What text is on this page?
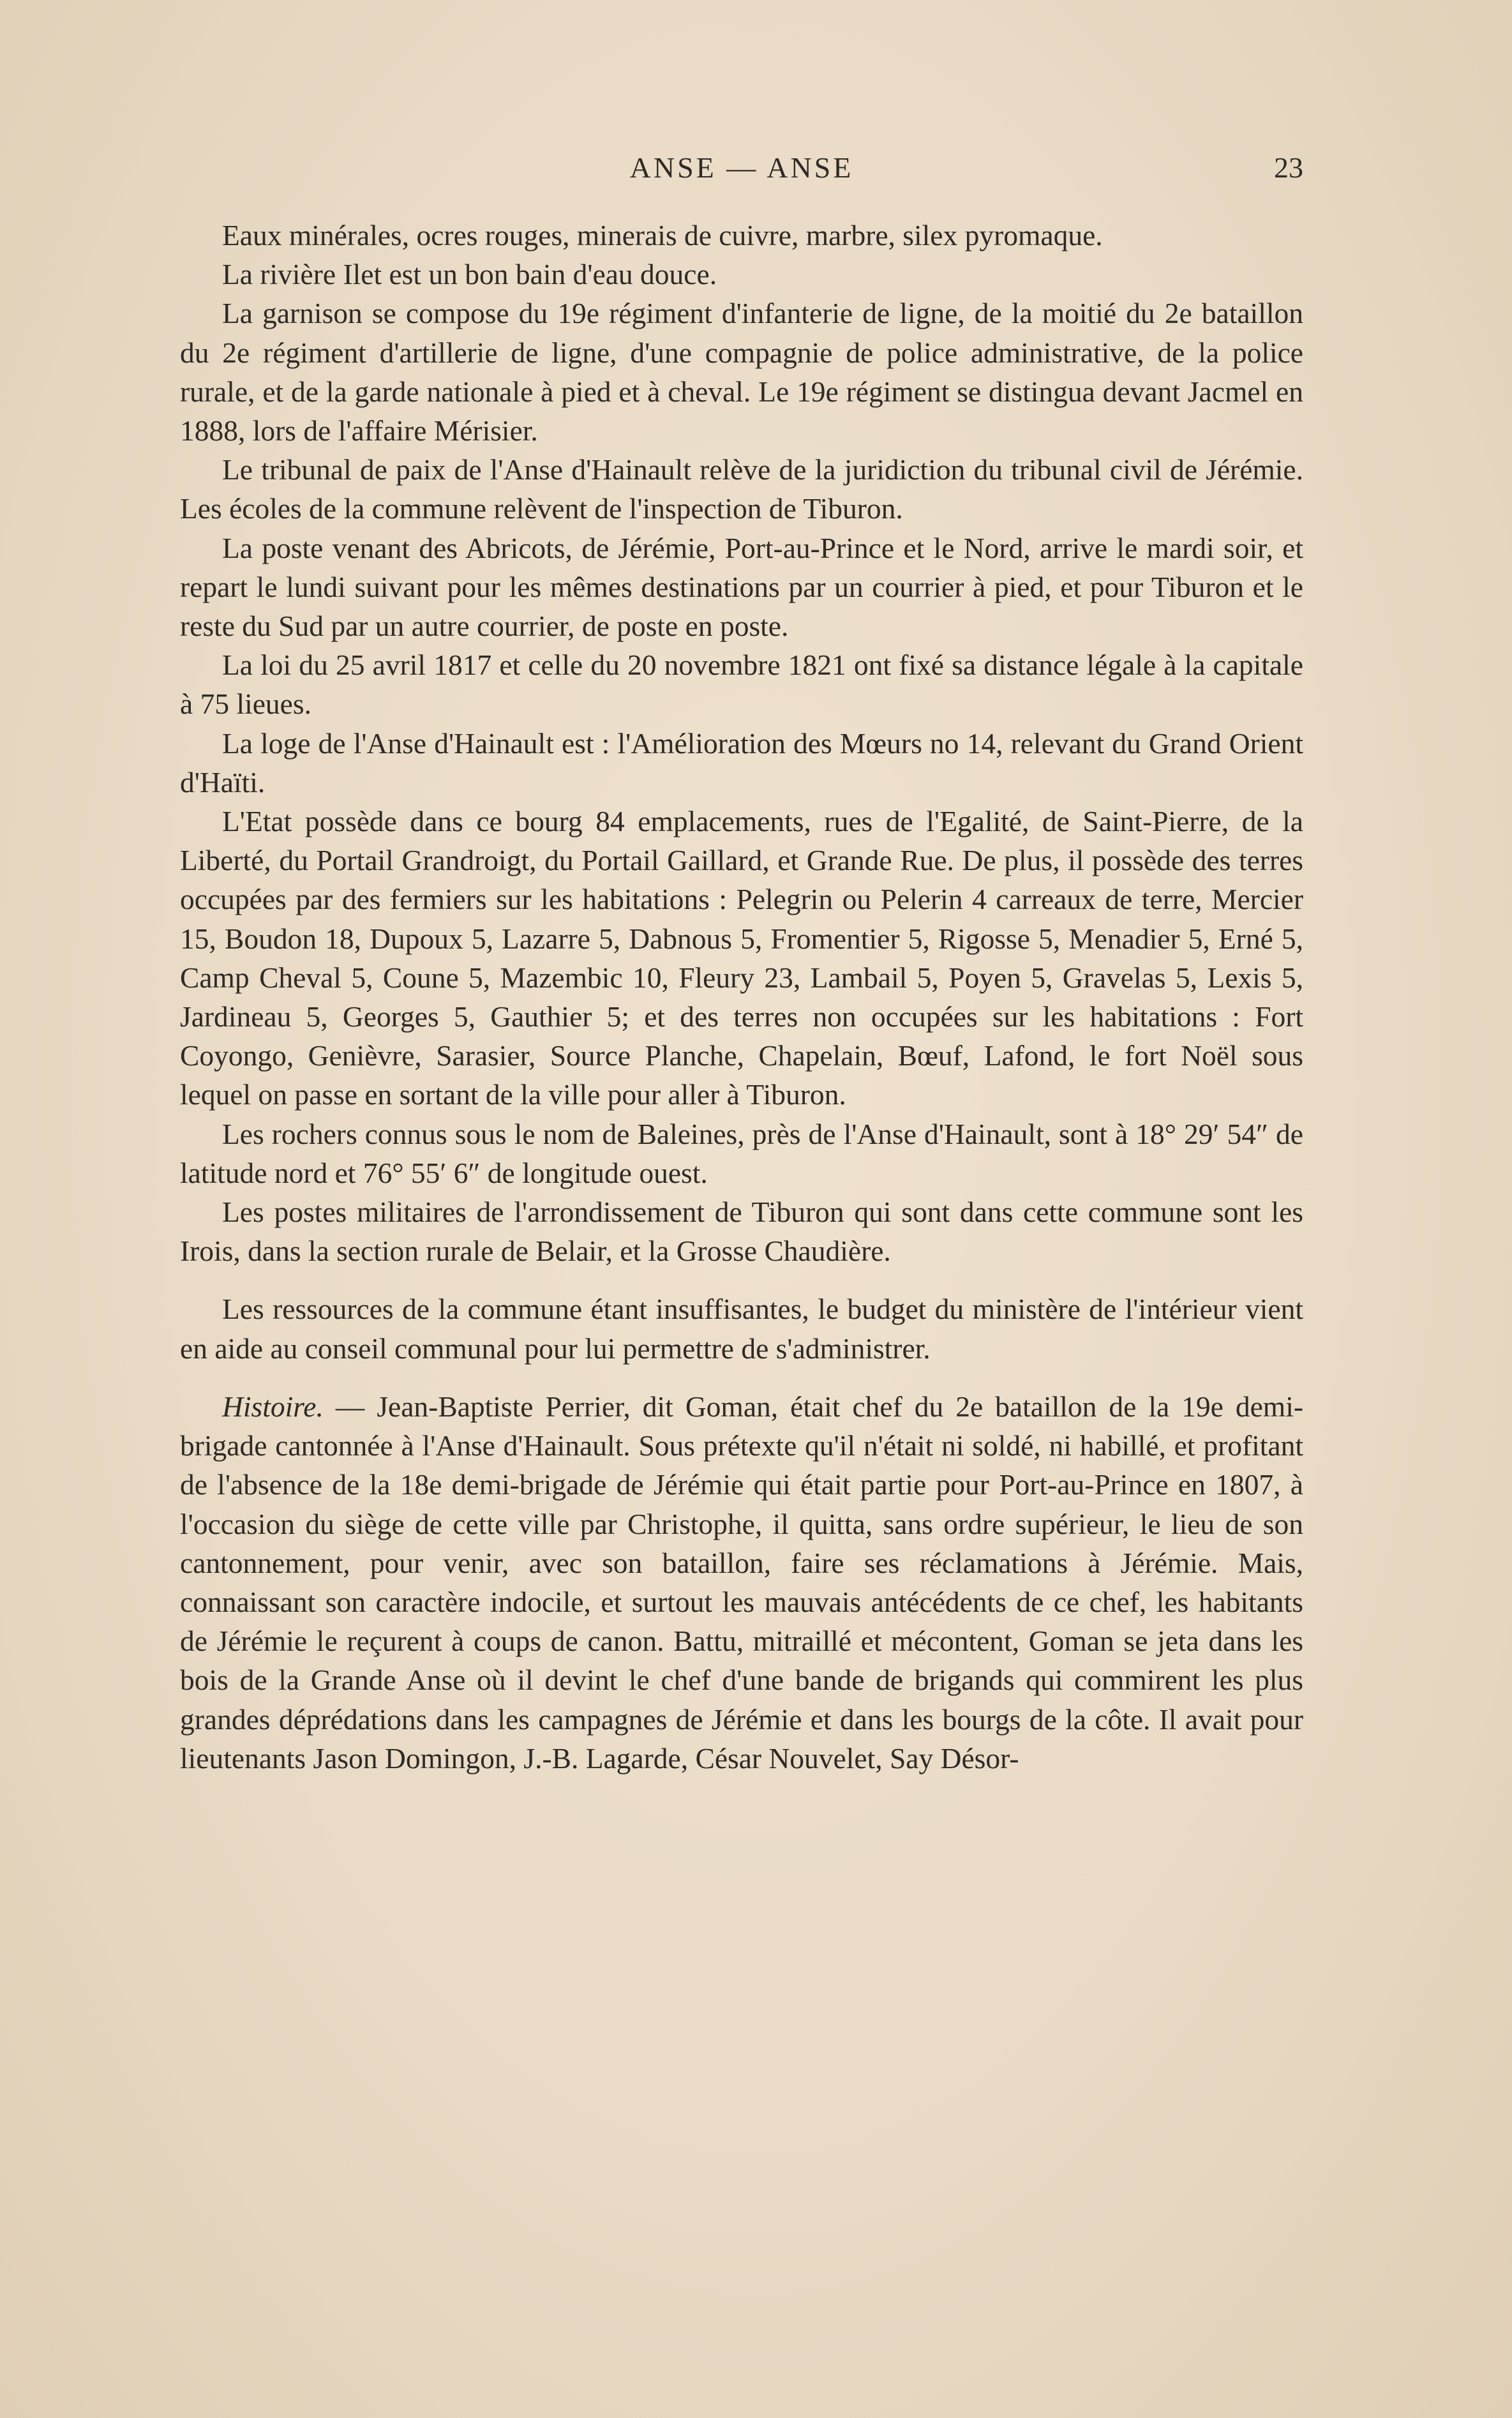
ANSE — ANSE	23

Eaux minérales, ocres rouges, minerais de cuivre, marbre, silex pyromaque.

La rivière Ilet est un bon bain d'eau douce.

La garnison se compose du 19e régiment d'infanterie de ligne, de la moitié du 2e bataillon du 2e régiment d'artillerie de ligne, d'une compagnie de police administrative, de la police rurale, et de la garde nationale à pied et à cheval. Le 19e régiment se distingua devant Jacmel en 1888, lors de l'affaire Mérisier.

Le tribunal de paix de l'Anse d'Hainault relève de la juridiction du tribunal civil de Jérémie. Les écoles de la commune relèvent de l'inspection de Tiburon.

La poste venant des Abricots, de Jérémie, Port-au-Prince et le Nord, arrive le mardi soir, et repart le lundi suivant pour les mêmes destinations par un courrier à pied, et pour Tiburon et le reste du Sud par un autre courrier, de poste en poste.

La loi du 25 avril 1817 et celle du 20 novembre 1821 ont fixé sa distance légale à la capitale à 75 lieues.

La loge de l'Anse d'Hainault est : l'Amélioration des Mœurs no 14, relevant du Grand Orient d'Haïti.

L'Etat possède dans ce bourg 84 emplacements, rues de l'Egalité, de Saint-Pierre, de la Liberté, du Portail Grandroigt, du Portail Gaillard, et Grande Rue. De plus, il possède des terres occupées par des fermiers sur les habitations : Pelegrin ou Pelerin 4 carreaux de terre, Mercier 15, Boudon 18, Dupoux 5, Lazarre 5, Dabnous 5, Fromentier 5, Rigosse 5, Menadier 5, Erné 5, Camp Cheval 5, Coune 5, Mazembic 10, Fleury 23, Lambail 5, Poyen 5, Gravelas 5, Lexis 5, Jardineau 5, Georges 5, Gauthier 5; et des terres non occupées sur les habitations : Fort Coyongo, Genièvre, Sarasier, Source Planche, Chapelain, Bœuf, Lafond, le fort Noël sous lequel on passe en sortant de la ville pour aller à Tiburon.

Les rochers connus sous le nom de Baleines, près de l'Anse d'Hainault, sont à 18° 29′ 54″ de latitude nord et 76° 55′ 6″ de longitude ouest.

Les postes militaires de l'arrondissement de Tiburon qui sont dans cette commune sont les Irois, dans la section rurale de Belair, et la Grosse Chaudière.

Les ressources de la commune étant insuffisantes, le budget du ministère de l'intérieur vient en aide au conseil communal pour lui permettre de s'administrer.

Histoire. — Jean-Baptiste Perrier, dit Goman, était chef du 2e bataillon de la 19e demi-brigade cantonnée à l'Anse d'Hainault. Sous prétexte qu'il n'était ni soldé, ni habillé, et profitant de l'absence de la 18e demi-brigade de Jérémie qui était partie pour Port-au-Prince en 1807, à l'occasion du siège de cette ville par Christophe, il quitta, sans ordre supérieur, le lieu de son cantonnement, pour venir, avec son bataillon, faire ses réclamations à Jérémie. Mais, connaissant son caractère indocile, et surtout les mauvais antécédents de ce chef, les habitants de Jérémie le reçurent à coups de canon. Battu, mitraillé et mécontent, Goman se jeta dans les bois de la Grande Anse où il devint le chef d'une bande de brigands qui commirent les plus grandes déprédations dans les campagnes de Jérémie et dans les bourgs de la côte. Il avait pour lieutenants Jason Domingon, J.-B. Lagarde, César Nouvelet, Say Désor-
